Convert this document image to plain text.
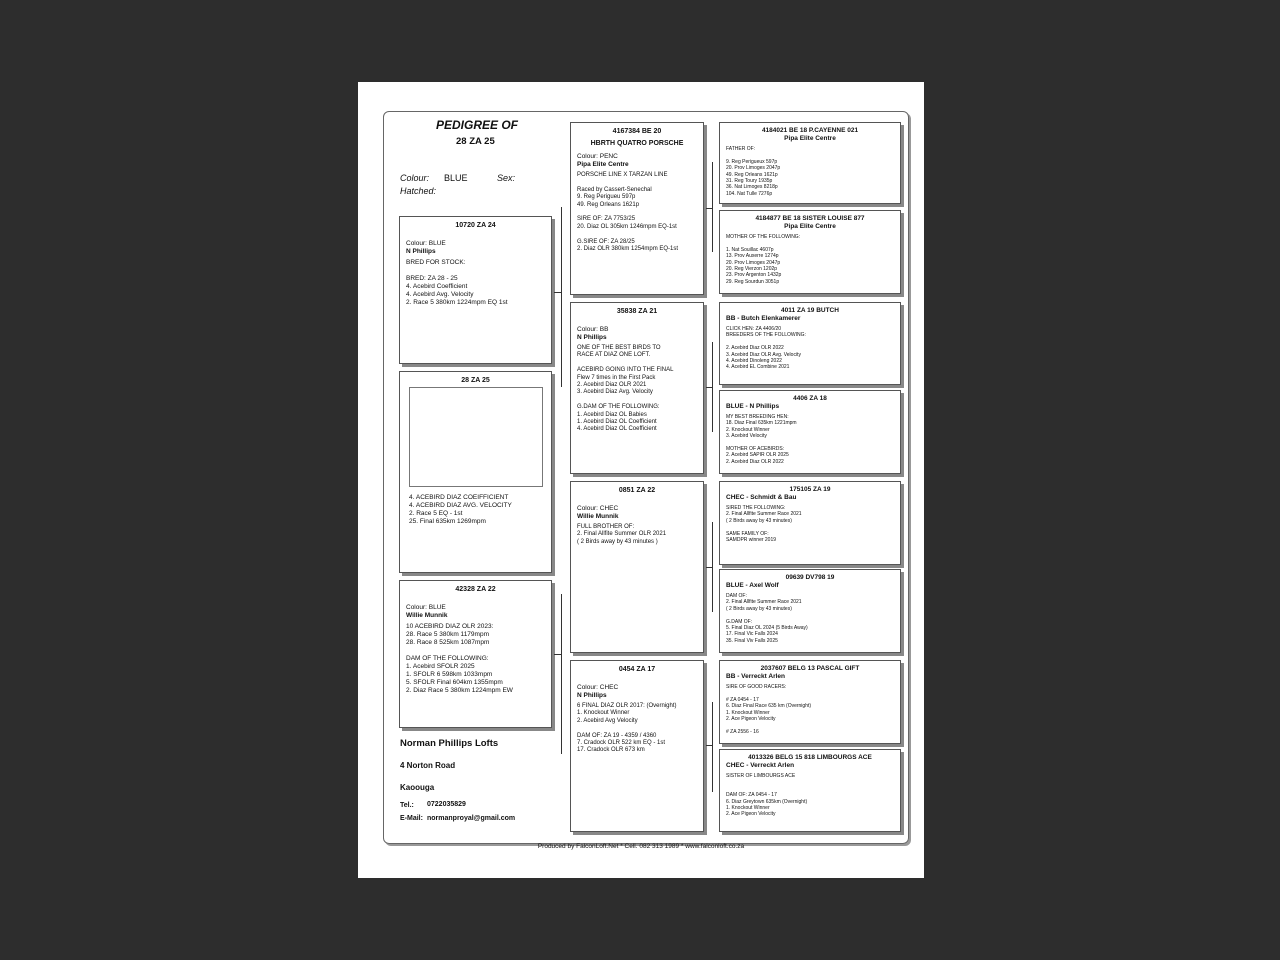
PEDIGREE OF
28 ZA 25
Colour: BLUE	Sex:
Hatched:
10720 ZA 24
Colour: BLUE
N Phillips
BRED FOR STOCK:

BRED: ZA 28 - 25
4. Acebird Coefficient
4. Acebird Avg. Velocity
2. Race 5 380km 1224mpm EQ 1st
28 ZA 25
4. ACEBIRD DIAZ COEIFFICIENT
4. ACEBIRD DIAZ AVG. VELOCITY
2. Race 5 EQ - 1st
25. Final 635km 1269mpm
42328 ZA 22
Colour: BLUE
Willie Munnik
10 ACEBIRD DIAZ OLR 2023:
28. Race 5 380km 1179mpm
28. Race 8 525km 1087mpm

DAM OF THE FOLLOWING:
1. Acebird SFOLR 2025
1. SFOLR 6 598km 1033mpm
5. SFOLR Final 604km 1355mpm
2. Diaz Race 5 380km 1224mpm EW
Norman Phillips Lofts
4 Norton Road
Kaoouga
Tel.: 0722035829
E-Mail: normanproyal@gmail.com
4167384 BE 20
HBRTH QUATRO PORSCHE
Colour: PENC
Pipa Elite Centre
PORSCHE LINE X TARZAN LINE

Raced by Cassert-Senechal
9. Reg Perigueu 597p
49. Reg Orleans 1621p

SIRE OF: ZA 7753/25
20. Diaz OL 305km 1246mpm EQ-1st

G.SIRE OF: ZA 28/25
2. Diaz OLR 380km 1254mpm EQ-1st
35838 ZA 21
Colour: BB
N Phillips
ONE OF THE BEST BIRDS TO
RACE AT DIAZ ONE LOFT.

ACEBIRD GOING INTO THE FINAL
Flew 7 times in the First Pack
2. Acebird Diaz OLR 2021
3. Acebird Diaz Avg. Velocity

G.DAM OF THE FOLLOWING:
1. Acebird Diaz OL Babies
1. Acebird Diaz OL Coefficient
4. Acebird Diaz OL Coefficient
0851 ZA 22
Colour: CHEC
Willie Munnik
FULL BROTHER OF:
2. Final Allfite Summer OLR 2021
( 2 Birds away by 43 minutes )
0454 ZA 17
Colour: CHEC
N Phillips
6 FINAL DIAZ OLR 2017: (Overnight)
1. Knockout Winner
2. Acebird Avg Velocity

DAM OF: ZA 19 - 4359 / 4360
7. Cradock OLR 522 km EQ - 1st
17. Cradock OLR 673 km
4184021 BE 18 P.CAYENNE 021
Pipa Elite Centre
FATHER OF:

9. Reg Perigueux 597p
20. Prov Limoges 2047p
49. Reg Orleans 1621p
31. Reg Toury 1935p
36. Nat Limoges 8218p
104. Nat Tulle 7276p
4184877 BE 18 SISTER LOUISE 877
Pipa Elite Centre
MOTHER OF THE FOLLOWING:

1. Nat Souillac 4607p
13. Prov Auxerre 1274p
20. Prov Limoges 2047p
20. Reg Vierzon 1202p
23. Prov Argenton 1432p
29. Reg Sourdun 3051p
4011 ZA 19 BUTCH
BB - Butch Elenkamerer
CLICK HEN: ZA 4406/20
BREEDERS OF THE FOLLOWING:

2. Acebird Diaz OLR 2022
3. Acebird Diaz OLR Avg. Velocity
4. Acebird Dinoleng 2022
4. Acebird EL Combine 2021
4406 ZA 18
BLUE - N Phillips
MY BEST BREEDING HEN:
18. Diaz Final 635km 1221mpm
2. Knockout Winner
3. Acebird Velocity

MOTHER OF ACEBIRDS:
2. Acebird SAPIR OLR 2025
2. Acebird Diaz OLR 2022
175105 ZA 19
CHEC - Schmidt & Bau
SIRED THE FOLLOWING:
2. Final Allfite Summer Race 2021
( 2 Birds away by 43 minutes)

SAME FAMILY OF:
SAMDPR winner 2019
09639 DV798 19
BLUE - Axel Wolf
DAM OF:
2. Final Allfite Summer Race 2021
( 2 Birds away by 43 minutes)

G.DAM OF:
5. Final Diaz OL 2024 (5 Birds Away)
17. Final Vic Falls 2024
35. Final Viv Falls 2025
2037607 BELG 13 PASCAL GIFT
BB - Verreckt Arlen
SIRE OF GOOD RACERS:

# ZA 0454 - 17
6. Diaz Final Race 635 km (Overnight)
1. Knockout Winner
2. Ace Pigeon Velocity

# ZA 2556 - 16
4013326 BELG 15 818 LIMBOURGS ACE
CHEC - Verreckt Arlen
SISTER OF LIMBOURGS ACE

DAM OF: ZA 0454 - 17
6. Diaz Greytown 635km (Overnight)
1. Knockout Winner
2. Ace Pigeon Velocity
Produced by FalconLoft.Net * Cell. 082 313 1989 * www.falconloft.co.za
